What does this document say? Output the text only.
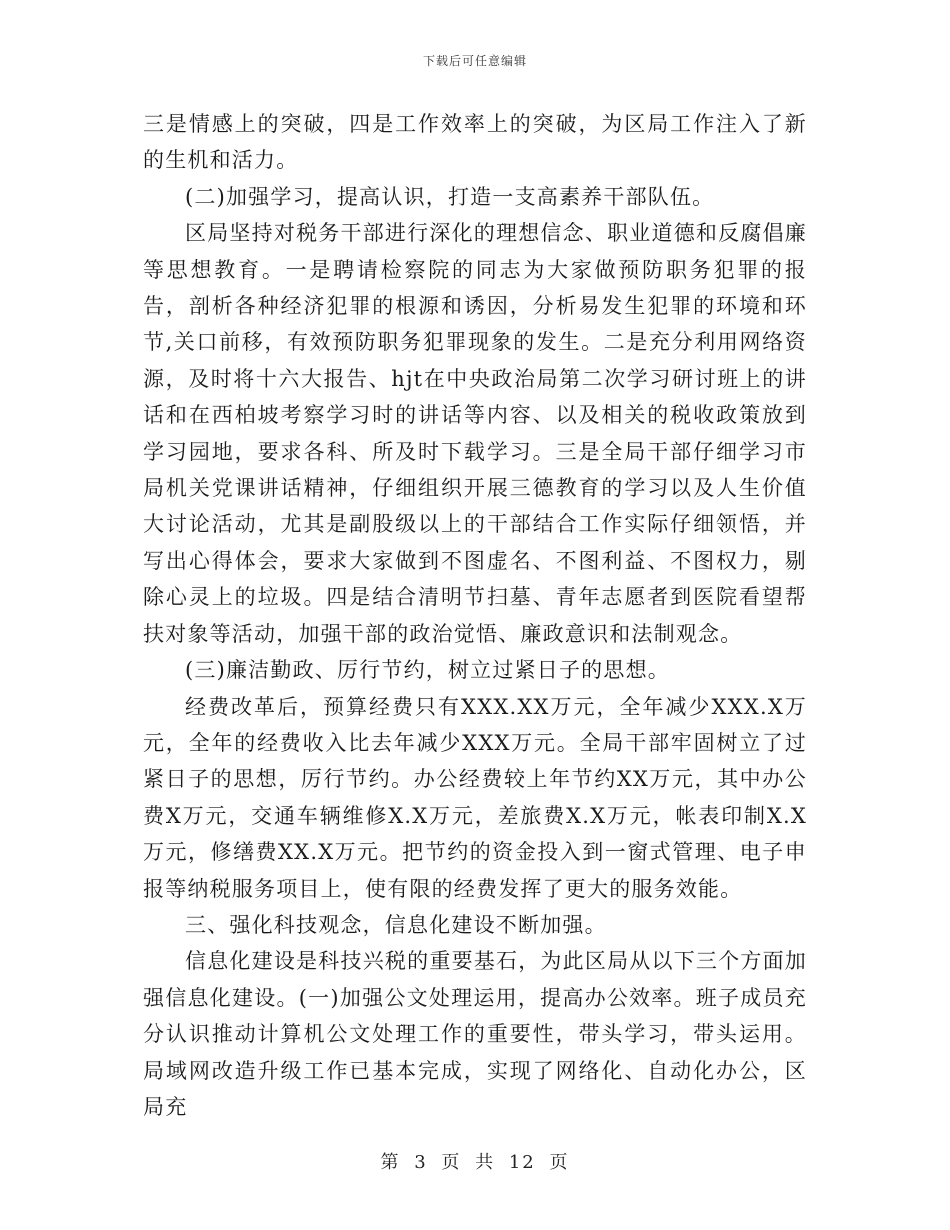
下载后可任意编辑

三是情感上的突破，四是工作效率上的突破，为区局工作注入了新的生机和活力。

(二)加强学习，提高认识，打造一支高素养干部队伍。

区局坚持对税务干部进行深化的理想信念、职业道德和反腐倡廉等思想教育。一是聘请检察院的同志为大家做预防职务犯罪的报告，剖析各种经济犯罪的根源和诱因，分析易发生犯罪的环境和环节,关口前移，有效预防职务犯罪现象的发生。二是充分利用网络资源，及时将十六大报告、hjt在中央政治局第二次学习研讨班上的讲话和在西柏坡考察学习时的讲话等内容、以及相关的税收政策放到学习园地，要求各科、所及时下载学习。三是全局干部仔细学习市局机关党课讲话精神，仔细组织开展三德教育的学习以及人生价值大讨论活动，尤其是副股级以上的干部结合工作实际仔细领悟，并写出心得体会，要求大家做到不图虚名、不图利益、不图权力，剔除心灵上的垃圾。四是结合清明节扫墓、青年志愿者到医院看望帮扶对象等活动，加强干部的政治觉悟、廉政意识和法制观念。

(三)廉洁勤政、厉行节约，树立过紧日子的思想。

经费改革后，预算经费只有XXX.XX万元，全年减少XXX.X万元，全年的经费收入比去年减少XXX万元。全局干部牢固树立了过紧日子的思想，厉行节约。办公经费较上年节约XX万元，其中办公费X万元，交通车辆维修X.X万元，差旅费X.X万元，帐表印制X.X万元，修缮费XX.X万元。把节约的资金投入到一窗式管理、电子申报等纳税服务项目上，使有限的经费发挥了更大的服务效能。

三、强化科技观念，信息化建设不断加强。

信息化建设是科技兴税的重要基石，为此区局从以下三个方面加强信息化建设。(一)加强公文处理运用，提高办公效率。班子成员充分认识推动计算机公文处理工作的重要性，带头学习，带头运用。局域网改造升级工作已基本完成，实现了网络化、自动化办公，区局充

第 3 页 共 12 页
